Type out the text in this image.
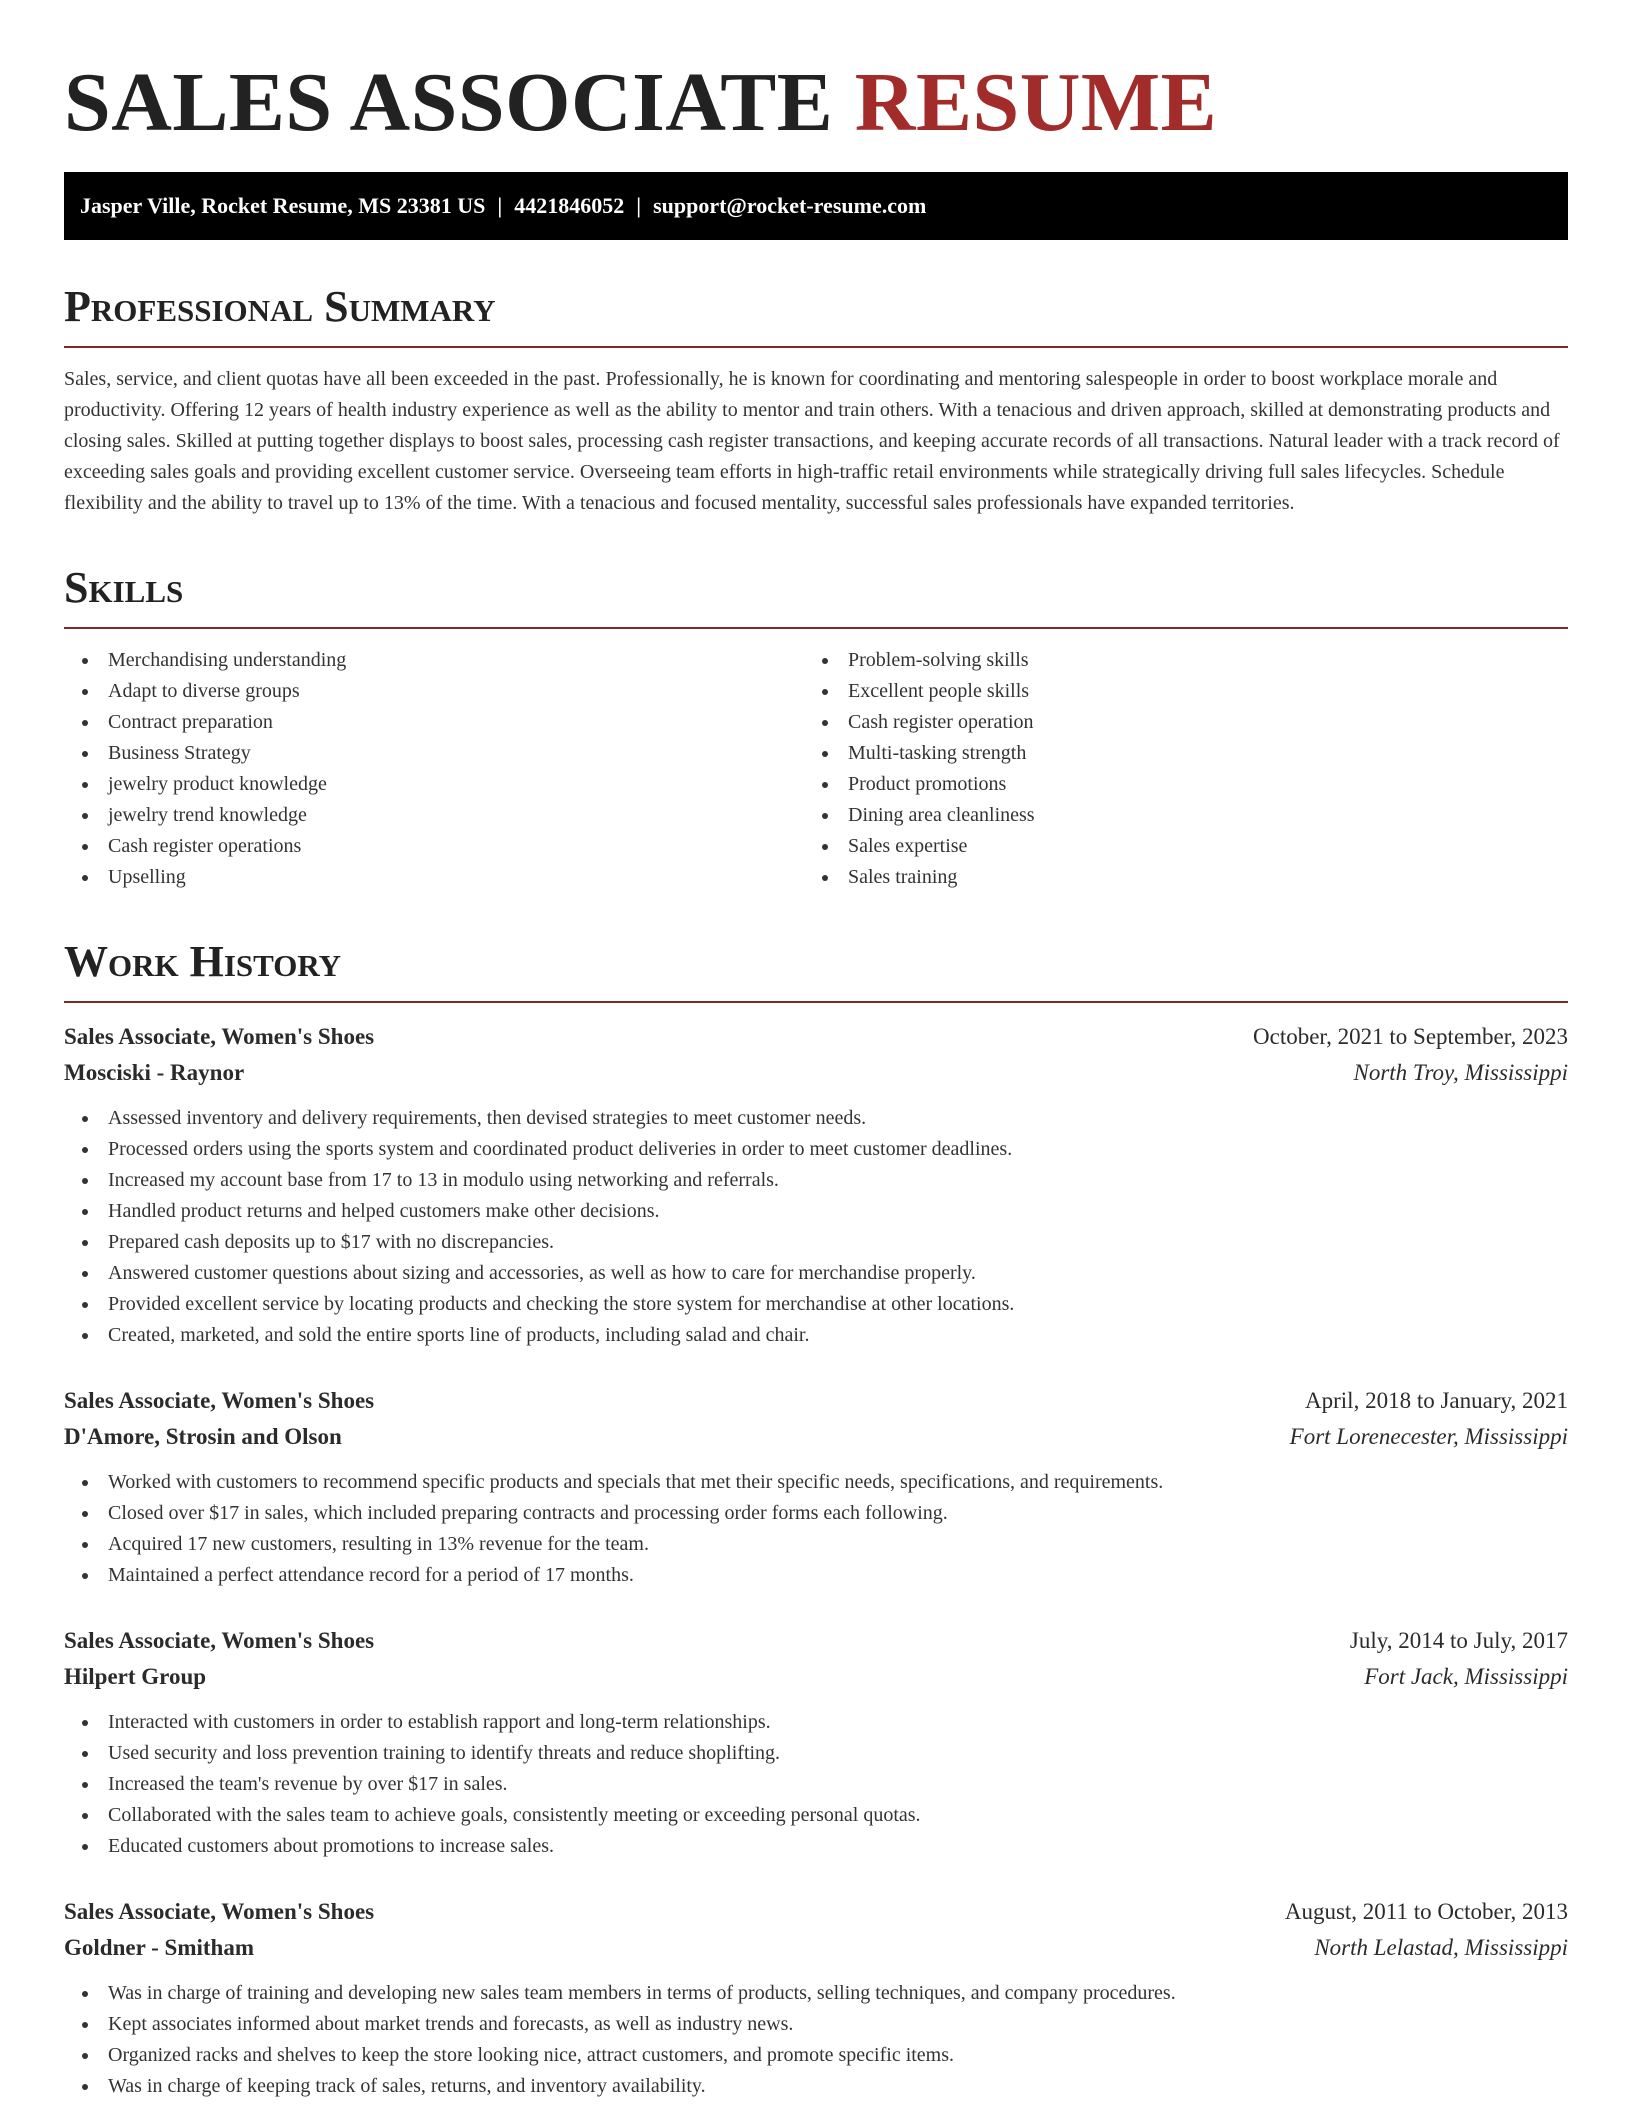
SALES ASSOCIATE RESUME
Jasper Ville, Rocket Resume, MS 23381 US | 4421846052 | support@rocket-resume.com
Professional Summary

Sales, service, and client quotas have all been exceeded in the past. Professionally, he is known for coordinating and mentoring salespeople in order to boost workplace morale and productivity. Offering 12 years of health industry experience as well as the ability to mentor and train others. With a tenacious and driven approach, skilled at demonstrating products and closing sales. Skilled at putting together displays to boost sales, processing cash register transactions, and keeping accurate records of all transactions. Natural leader with a track record of exceeding sales goals and providing excellent customer service. Overseeing team efforts in high-traffic retail environments while strategically driving full sales lifecycles. Schedule flexibility and the ability to travel up to 13% of the time. With a tenacious and focused mentality, successful sales professionals have expanded territories.

Skills
Merchandising understanding
Adapt to diverse groups
Contract preparation
Business Strategy
jewelry product knowledge
jewelry trend knowledge
Cash register operations
Upselling
Problem-solving skills
Excellent people skills
Cash register operation
Multi-tasking strength
Product promotions
Dining area cleanliness
Sales expertise
Sales training
Work History
Sales Associate, Women's Shoes	October, 2021 to September, 2023
Mosciski - Raynor	North Troy, Mississippi
Assessed inventory and delivery requirements, then devised strategies to meet customer needs.
Processed orders using the sports system and coordinated product deliveries in order to meet customer deadlines.
Increased my account base from 17 to 13 in modulo using networking and referrals.
Handled product returns and helped customers make other decisions.
Prepared cash deposits up to $17 with no discrepancies.
Answered customer questions about sizing and accessories, as well as how to care for merchandise properly.
Provided excellent service by locating products and checking the store system for merchandise at other locations.
Created, marketed, and sold the entire sports line of products, including salad and chair.
Sales Associate, Women's Shoes	April, 2018 to January, 2021
D'Amore, Strosin and Olson	Fort Lorenecester, Mississippi
Worked with customers to recommend specific products and specials that met their specific needs, specifications, and requirements.
Closed over $17 in sales, which included preparing contracts and processing order forms each following.
Acquired 17 new customers, resulting in 13% revenue for the team.
Maintained a perfect attendance record for a period of 17 months.
Sales Associate, Women's Shoes	July, 2014 to July, 2017
Hilpert Group	Fort Jack, Mississippi
Interacted with customers in order to establish rapport and long-term relationships.
Used security and loss prevention training to identify threats and reduce shoplifting.
Increased the team's revenue by over $17 in sales.
Collaborated with the sales team to achieve goals, consistently meeting or exceeding personal quotas.
Educated customers about promotions to increase sales.
Sales Associate, Women's Shoes	August, 2011 to October, 2013
Goldner - Smitham	North Lelastad, Mississippi
Was in charge of training and developing new sales team members in terms of products, selling techniques, and company procedures.
Kept associates informed about market trends and forecasts, as well as industry news.
Organized racks and shelves to keep the store looking nice, attract customers, and promote specific items.
Was in charge of keeping track of sales, returns, and inventory availability.
